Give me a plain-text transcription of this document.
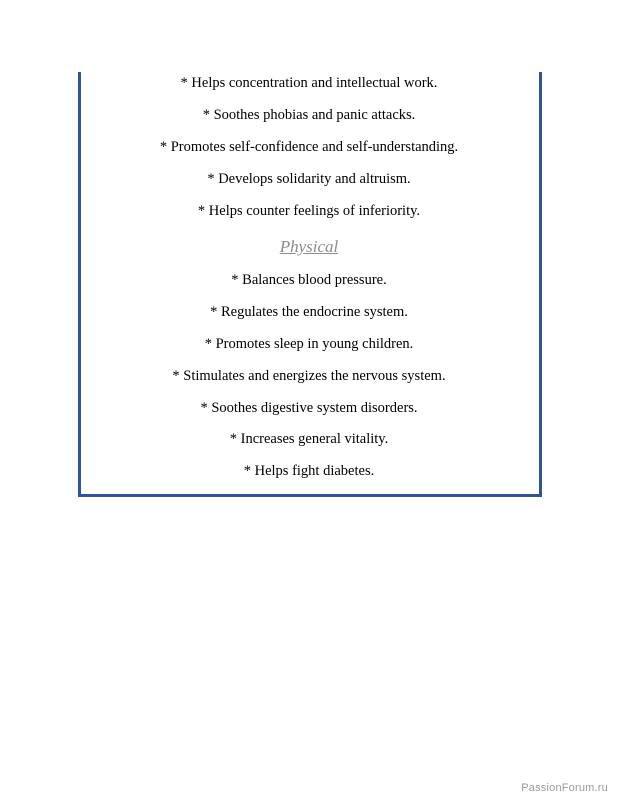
* Helps concentration and intellectual work.
* Soothes phobias and panic attacks.
* Promotes self-confidence and self-understanding.
* Develops solidarity and altruism.
* Helps counter feelings of inferiority.
Physical
* Balances blood pressure.
* Regulates the endocrine system.
* Promotes sleep in young children.
* Stimulates and energizes the nervous system.
* Soothes digestive system disorders.
* Increases general vitality.
* Helps fight diabetes.
PassionForum.ru
